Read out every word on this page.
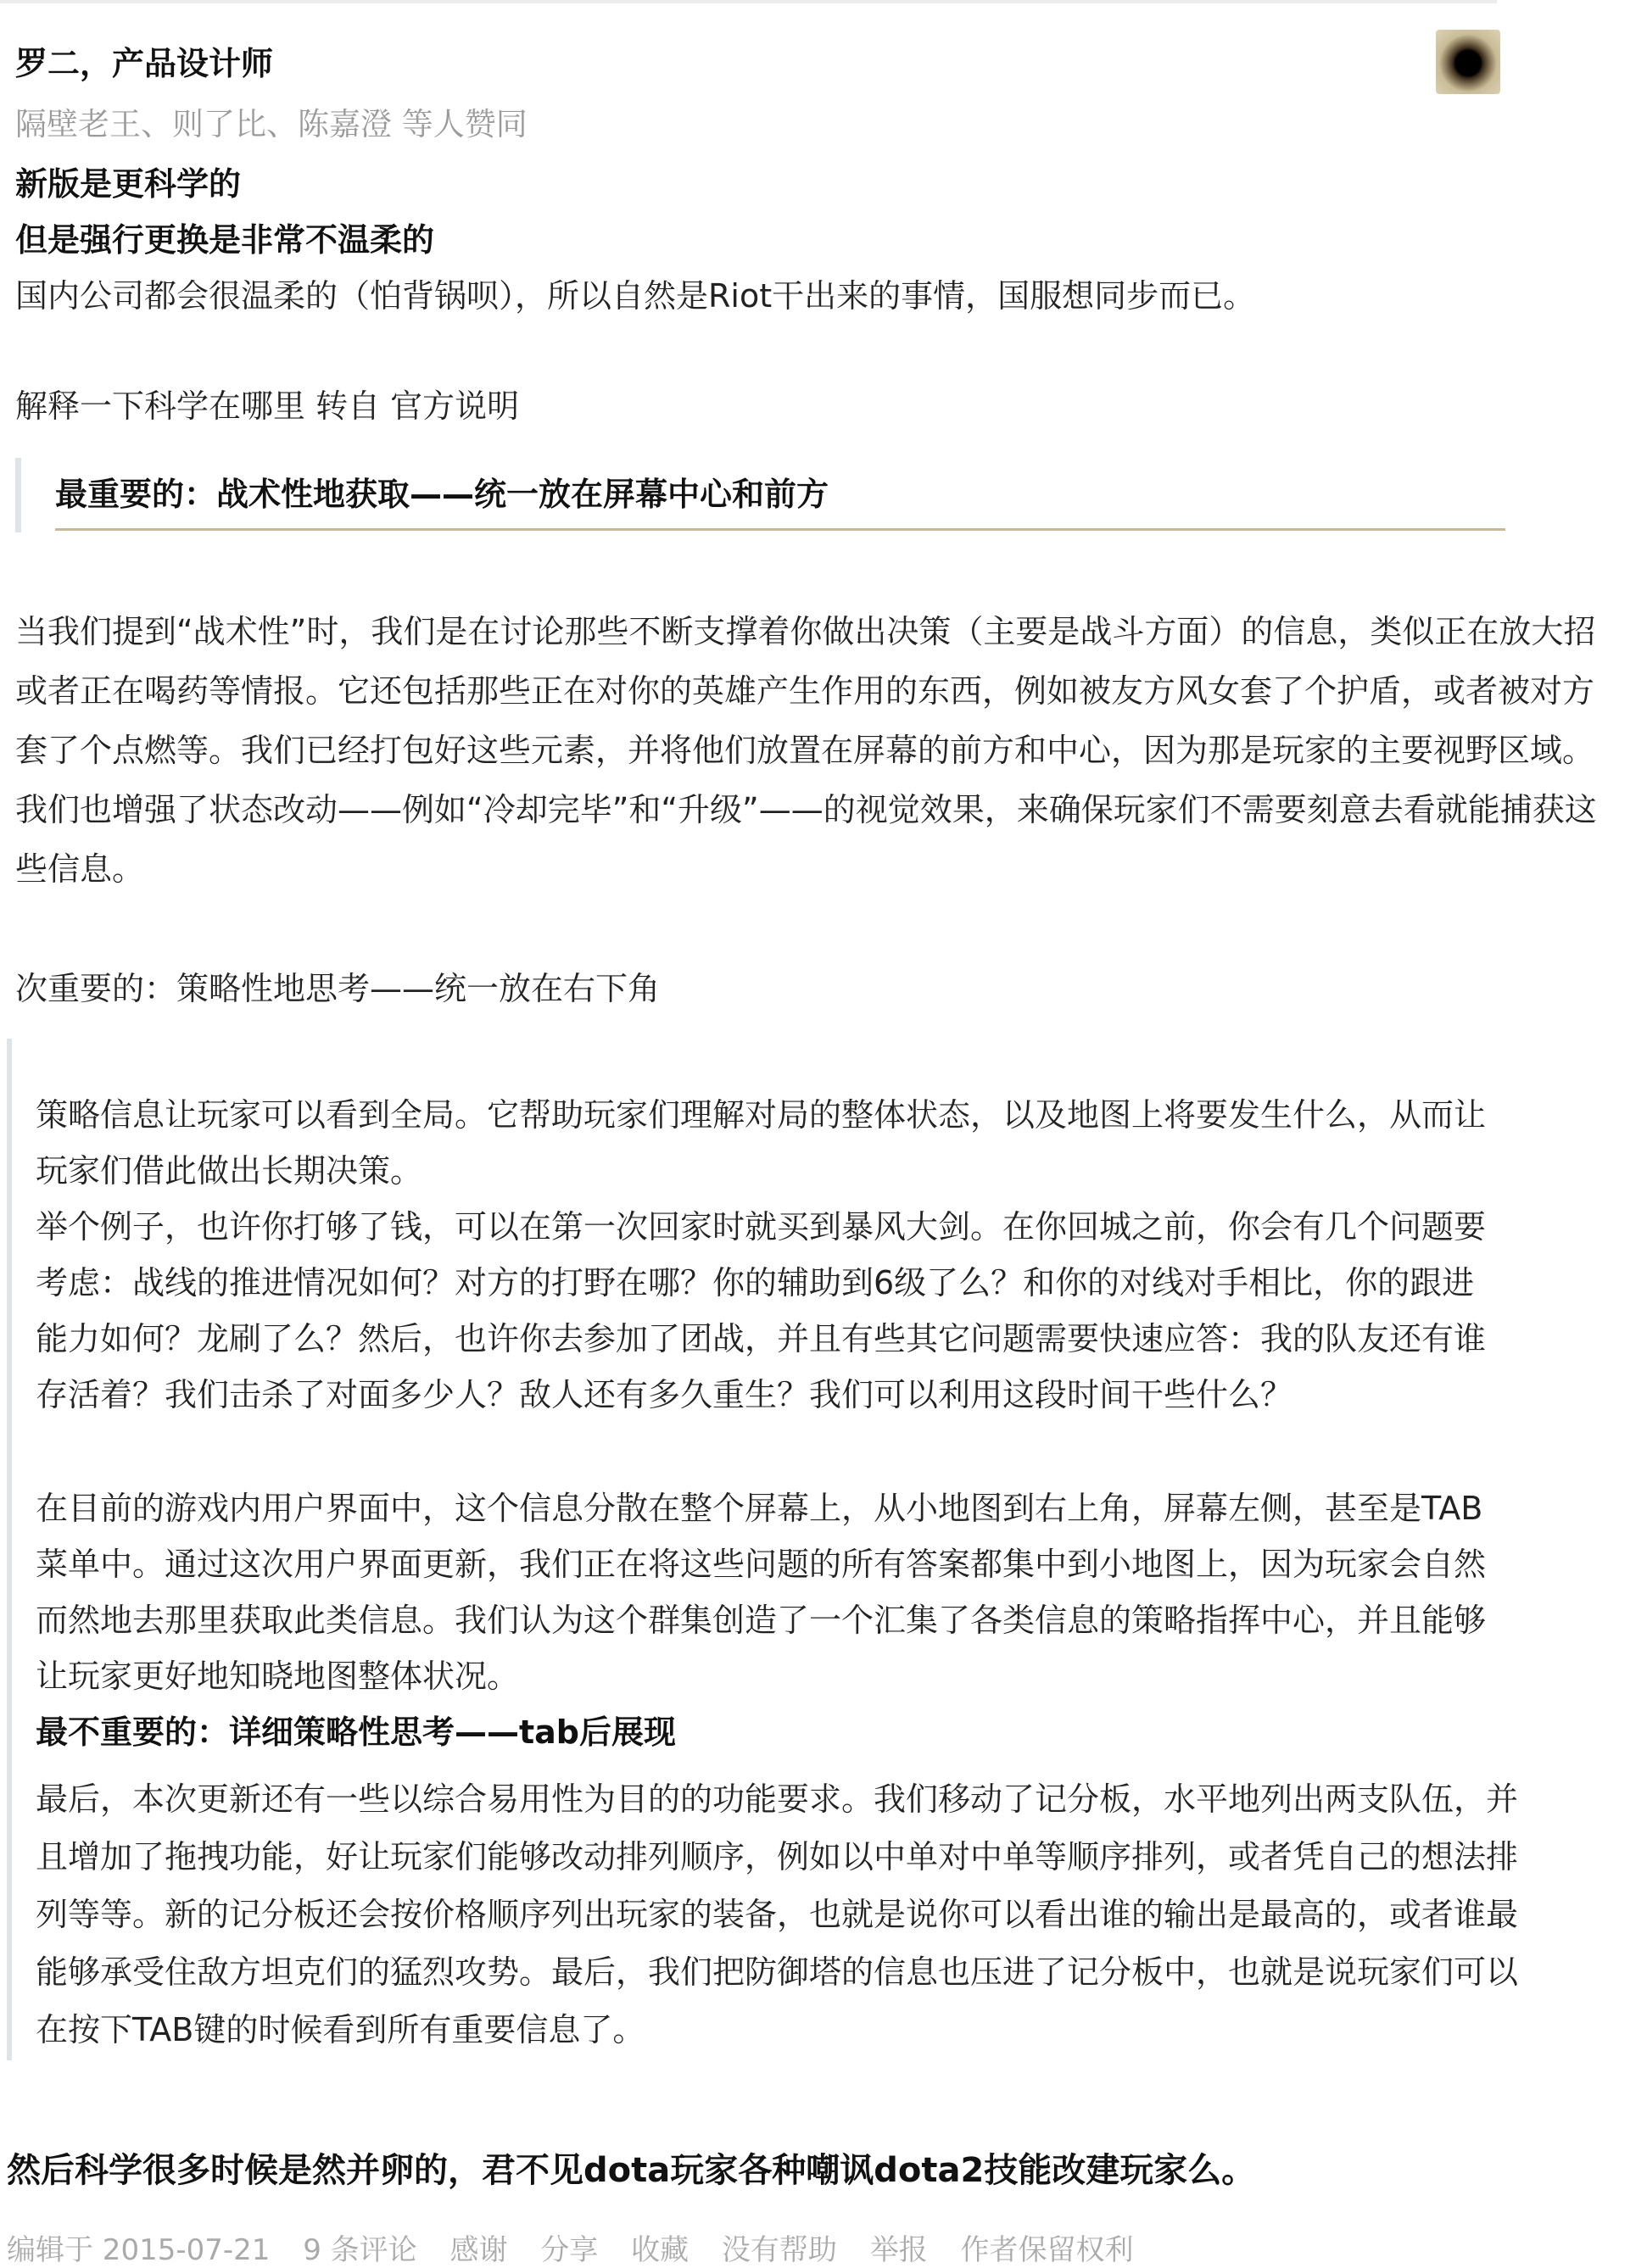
罗二，产品设计师
隔壁老王、则了比、陈嘉澄 等人赞同
新版是更科学的
但是强行更换是非常不温柔的
国内公司都会很温柔的（怕背锅呗），所以自然是Riot干出来的事情，国服想同步而已。
解释一下科学在哪里 转自 官方说明
最重要的：战术性地获取——统一放在屏幕中心和前方
当我们提到“战术性”时，我们是在讨论那些不断支撑着你做出决策（主要是战斗方面）的信息，类似正在放大招或者正在喝药等情报。它还包括那些正在对你的英雄产生作用的东西，例如被友方风女套了个护盾，或者被对方套了个点燃等。我们已经打包好这些元素，并将他们放置在屏幕的前方和中心，因为那是玩家的主要视野区域。我们也增强了状态改动——例如“冷却完毕”和“升级”——的视觉效果，来确保玩家们不需要刻意去看就能捕获这些信息。
次重要的：策略性地思考——统一放在右下角
策略信息让玩家可以看到全局。它帮助玩家们理解对局的整体状态，以及地图上将要发生什么，从而让玩家们借此做出长期决策。
举个例子，也许你打够了钱，可以在第一次回家时就买到暴风大剑。在你回城之前，你会有几个问题要考虑：战线的推进情况如何？对方的打野在哪？你的辅助到6级了么？和你的对线对手相比，你的跟进能力如何？龙刷了么？然后，也许你去参加了团战，并且有些其它问题需要快速应答：我的队友还有谁存活着？我们击杀了对面多少人？敌人还有多久重生？我们可以利用这段时间干些什么？
在目前的游戏内用户界面中，这个信息分散在整个屏幕上，从小地图到右上角，屏幕左侧，甚至是TAB菜单中。通过这次用户界面更新，我们正在将这些问题的所有答案都集中到小地图上，因为玩家会自然而然地去那里获取此类信息。我们认为这个群集创造了一个汇集了各类信息的策略指挥中心，并且能够让玩家更好地知晓地图整体状况。
最不重要的：详细策略性思考——tab后展现
最后，本次更新还有一些以综合易用性为目的的功能要求。我们移动了记分板，水平地列出两支队伍，并且增加了拖拽功能，好让玩家们能够改动排列顺序，例如以中单对中单等顺序排列，或者凭自己的想法排列等等。新的记分板还会按价格顺序列出玩家的装备，也就是说你可以看出谁的输出是最高的，或者谁最能够承受住敌方坦克们的猛烈攻势。最后，我们把防御塔的信息也压进了记分板中，也就是说玩家们可以在按下TAB键的时候看到所有重要信息了。
然后科学很多时候是然并卵的，君不见dota玩家各种嘲讽dota2技能改建玩家么。
编辑于 2015-07-21 9 条评论 感谢 分享 收藏 没有帮助 举报 作者保留权利
